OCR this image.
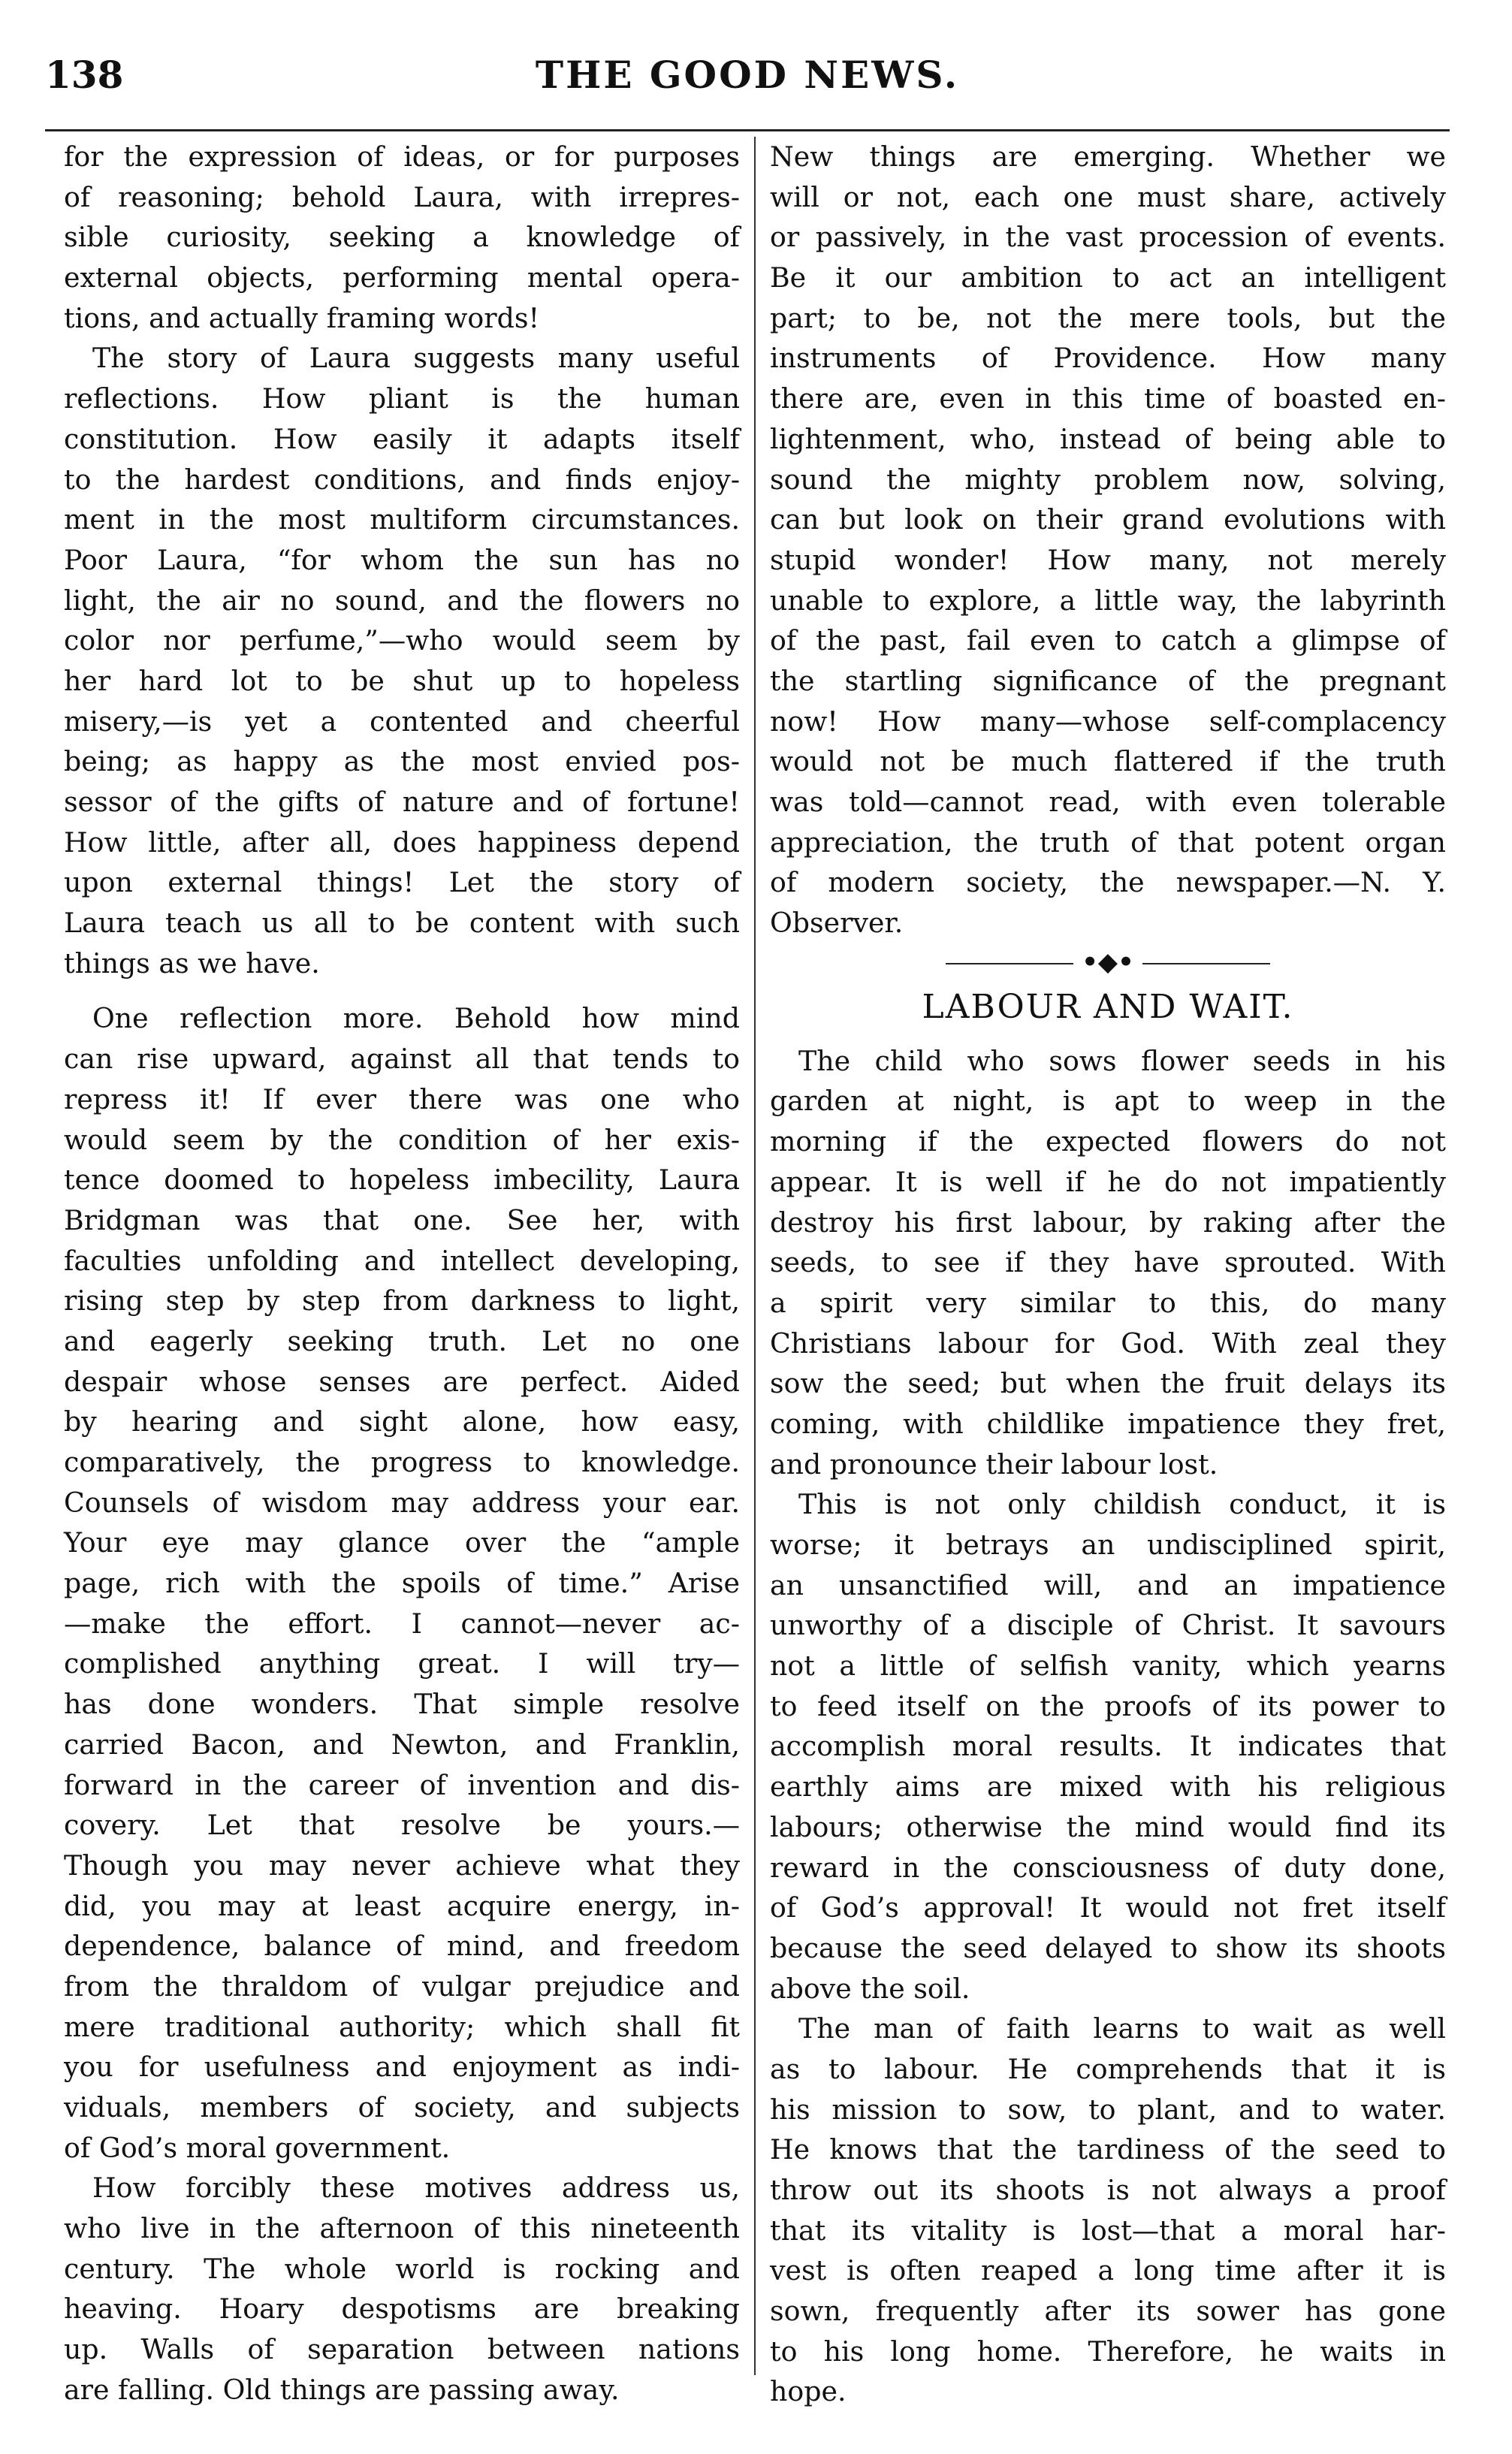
138	THE GOOD NEWS.
for the expression of ideas, or for purposes
of reasoning; behold Laura, with irrepres-
sible curiosity, seeking a knowledge of
external objects, performing mental opera-
tions, and actually framing words!
The story of Laura suggests many useful
reflections. How pliant is the human
constitution. How easily it adapts itself
to the hardest conditions, and finds enjoy-
ment in the most multiform circumstances.
Poor Laura, “for whom the sun has no
light, the air no sound, and the flowers no
color nor perfume,”—who would seem by
her hard lot to be shut up to hopeless
misery,—is yet a contented and cheerful
being; as happy as the most envied pos-
sessor of the gifts of nature and of fortune!
How little, after all, does happiness depend
upon external things! Let the story of
Laura teach us all to be content with such
things as we have.
One reflection more. Behold how mind
can rise upward, against all that tends to
repress it! If ever there was one who
would seem by the condition of her exis-
tence doomed to hopeless imbecility, Laura
Bridgman was that one. See her, with
faculties unfolding and intellect developing,
rising step by step from darkness to light,
and eagerly seeking truth. Let no one
despair whose senses are perfect. Aided
by hearing and sight alone, how easy,
comparatively, the progress to knowledge.
Counsels of wisdom may address your ear.
Your eye may glance over the “ample
page, rich with the spoils of time.” Arise
—make the effort. I cannot—never ac-
complished anything great. I will try—
has done wonders. That simple resolve
carried Bacon, and Newton, and Franklin,
forward in the career of invention and dis-
covery. Let that resolve be yours.—
Though you may never achieve what they
did, you may at least acquire energy, in-
dependence, balance of mind, and freedom
from the thraldom of vulgar prejudice and
mere traditional authority; which shall fit
you for usefulness and enjoyment as indi-
viduals, members of society, and subjects
of God’s moral government.
How forcibly these motives address us,
who live in the afternoon of this nineteenth
century. The whole world is rocking and
heaving. Hoary despotisms are breaking
up. Walls of separation between nations
are falling. Old things are passing away.
New things are emerging. Whether we
will or not, each one must share, actively
or passively, in the vast procession of events.
Be it our ambition to act an intelligent
part; to be, not the mere tools, but the
instruments of Providence. How many
there are, even in this time of boasted en-
lightenment, who, instead of being able to
sound the mighty problem now, solving,
can but look on their grand evolutions with
stupid wonder! How many, not merely
unable to explore, a little way, the labyrinth
of the past, fail even to catch a glimpse of
the startling significance of the pregnant
now! How many—whose self-complacency
would not be much flattered if the truth
was told—cannot read, with even tolerable
appreciation, the truth of that potent organ
of modern society, the newspaper.—N. Y.
Observer.
•◆•
LABOUR AND WAIT.
The child who sows flower seeds in his
garden at night, is apt to weep in the
morning if the expected flowers do not
appear. It is well if he do not impatiently
destroy his first labour, by raking after the
seeds, to see if they have sprouted. With
a spirit very similar to this, do many
Christians labour for God. With zeal they
sow the seed; but when the fruit delays its
coming, with childlike impatience they fret,
and pronounce their labour lost.
This is not only childish conduct, it is
worse; it betrays an undisciplined spirit,
an unsanctified will, and an impatience
unworthy of a disciple of Christ. It savours
not a little of selfish vanity, which yearns
to feed itself on the proofs of its power to
accomplish moral results. It indicates that
earthly aims are mixed with his religious
labours; otherwise the mind would find its
reward in the consciousness of duty done,
of God’s approval! It would not fret itself
because the seed delayed to show its shoots
above the soil.
The man of faith learns to wait as well
as to labour. He comprehends that it is
his mission to sow, to plant, and to water.
He knows that the tardiness of the seed to
throw out its shoots is not always a proof
that its vitality is lost—that a moral har-
vest is often reaped a long time after it is
sown, frequently after its sower has gone
to his long home. Therefore, he waits in
hope.
